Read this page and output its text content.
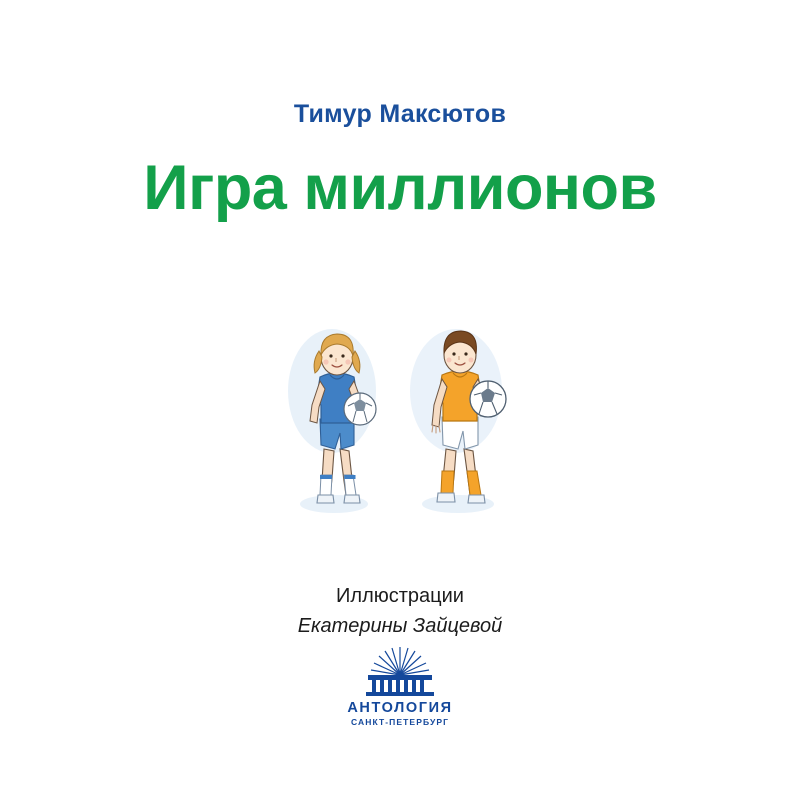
Тимур Максютов
Игра миллионов
Иллюстрации
Екатерины Зайцевой
АНТОЛОГИЯ
САНКТ-ПЕТЕРБУРГ
